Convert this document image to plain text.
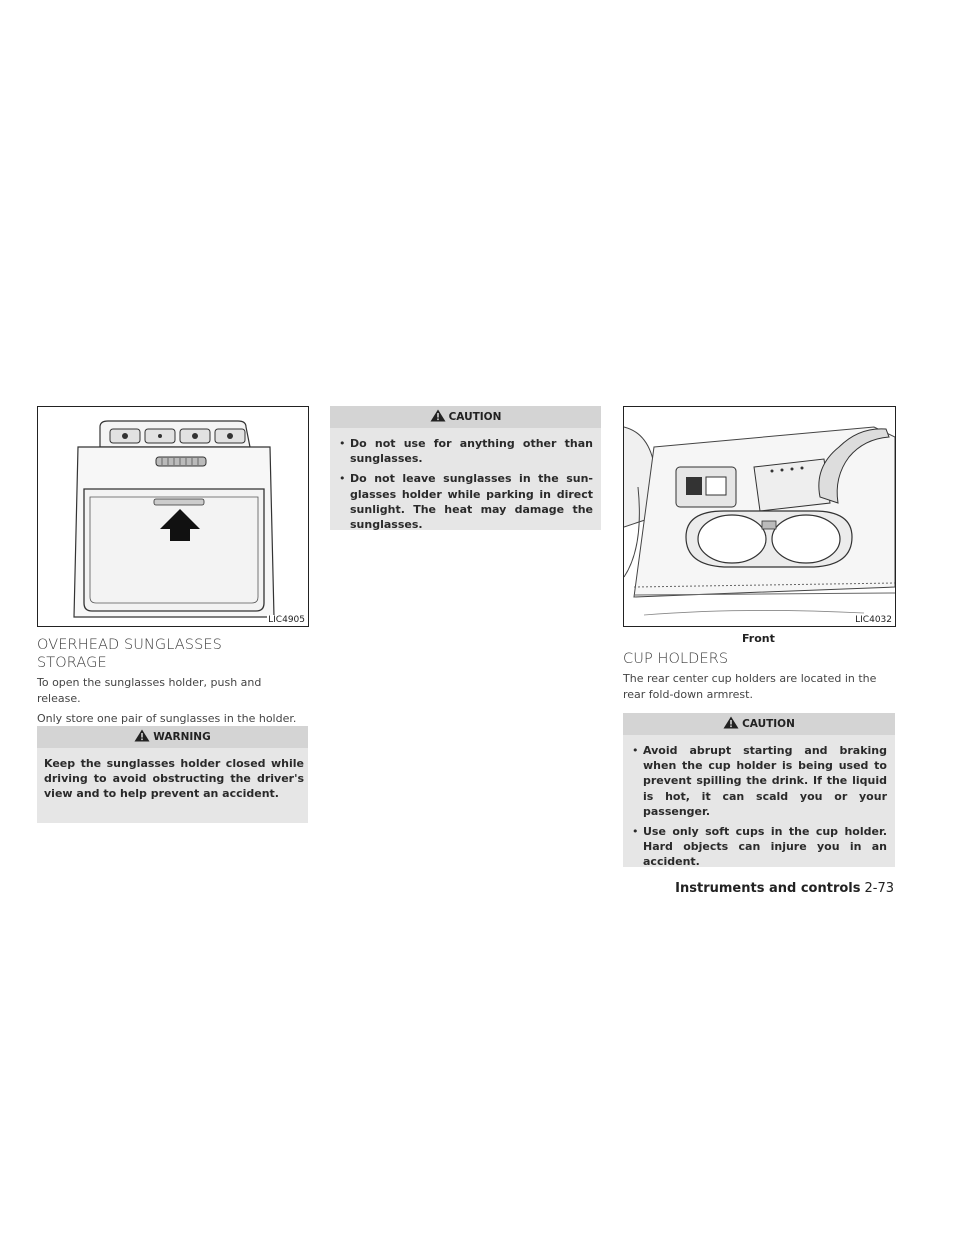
LIC4905
OVERHEAD SUNGLASSES
STORAGE

To open the sunglasses holder, push and release.

Only store one pair of sunglasses in the holder.

WARNING
Keep the sunglasses holder closed while driving to avoid obstructing the driver's view and to help prevent an accident.
CAUTION
• Do not use for anything other than sunglasses.
• Do not leave sunglasses in the sun-glasses holder while parking in direct sunlight. The heat may damage the sunglasses.
LIC4032
Front
CUP HOLDERS

The rear center cup holders are located in the rear fold-down armrest.

CAUTION
• Avoid abrupt starting and braking when the cup holder is being used to prevent spilling the drink. If the liquid is hot, it can scald you or your passenger.
• Use only soft cups in the cup holder. Hard objects can injure you in an accident.
Instruments and controls 2-73
